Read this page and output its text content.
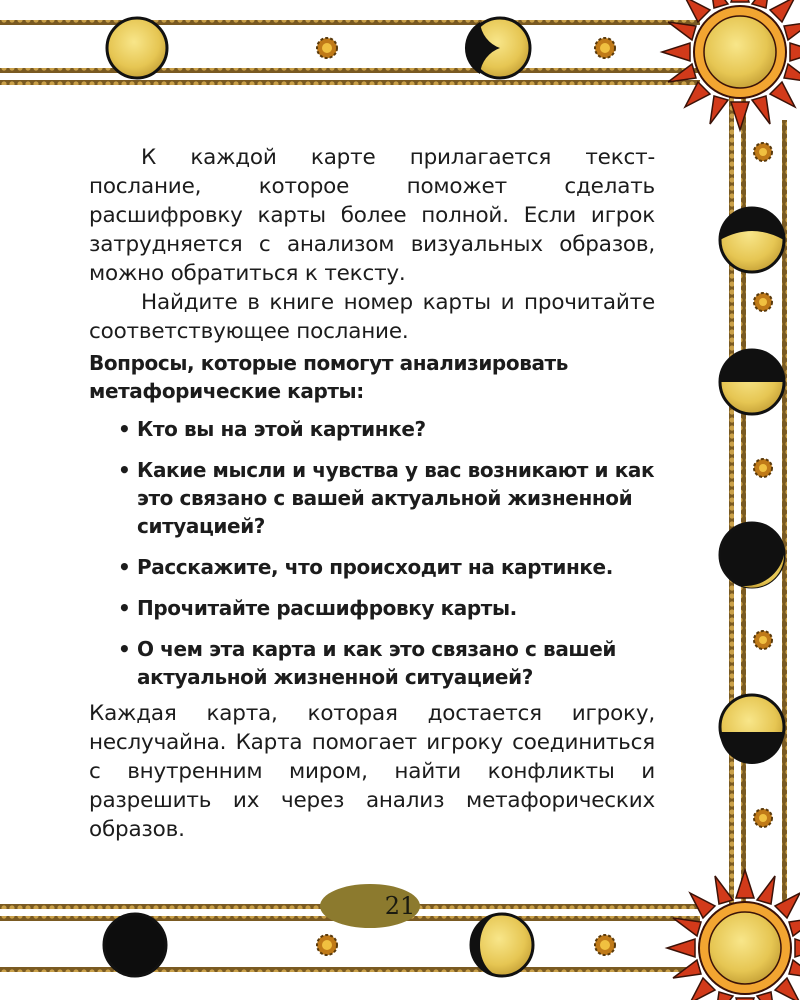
К каждой карте прилагается текст-послание, которое поможет сделать расшифровку карты более полной. Если игрок затрудняется с анализом визуальных образов, можно обратиться к тексту.

Найдите в книге номер карты и прочитайте соответствующее послание.

Вопросы, которые помогут анализировать метафорические карты:

• Кто вы на этой картинке?
• Какие мысли и чувства у вас возникают и как это связано с вашей актуальной жизненной ситуацией?
• Расскажите, что происходит на картинке.
• Прочитайте расшифровку карты.
• О чем эта карта и как это связано с вашей актуальной жизненной ситуацией?

Каждая карта, которая достается игроку, неслучайна. Карта помогает игроку соединиться с внутренним миром, найти конфликты и разрешить их через анализ метафорических образов.

21
